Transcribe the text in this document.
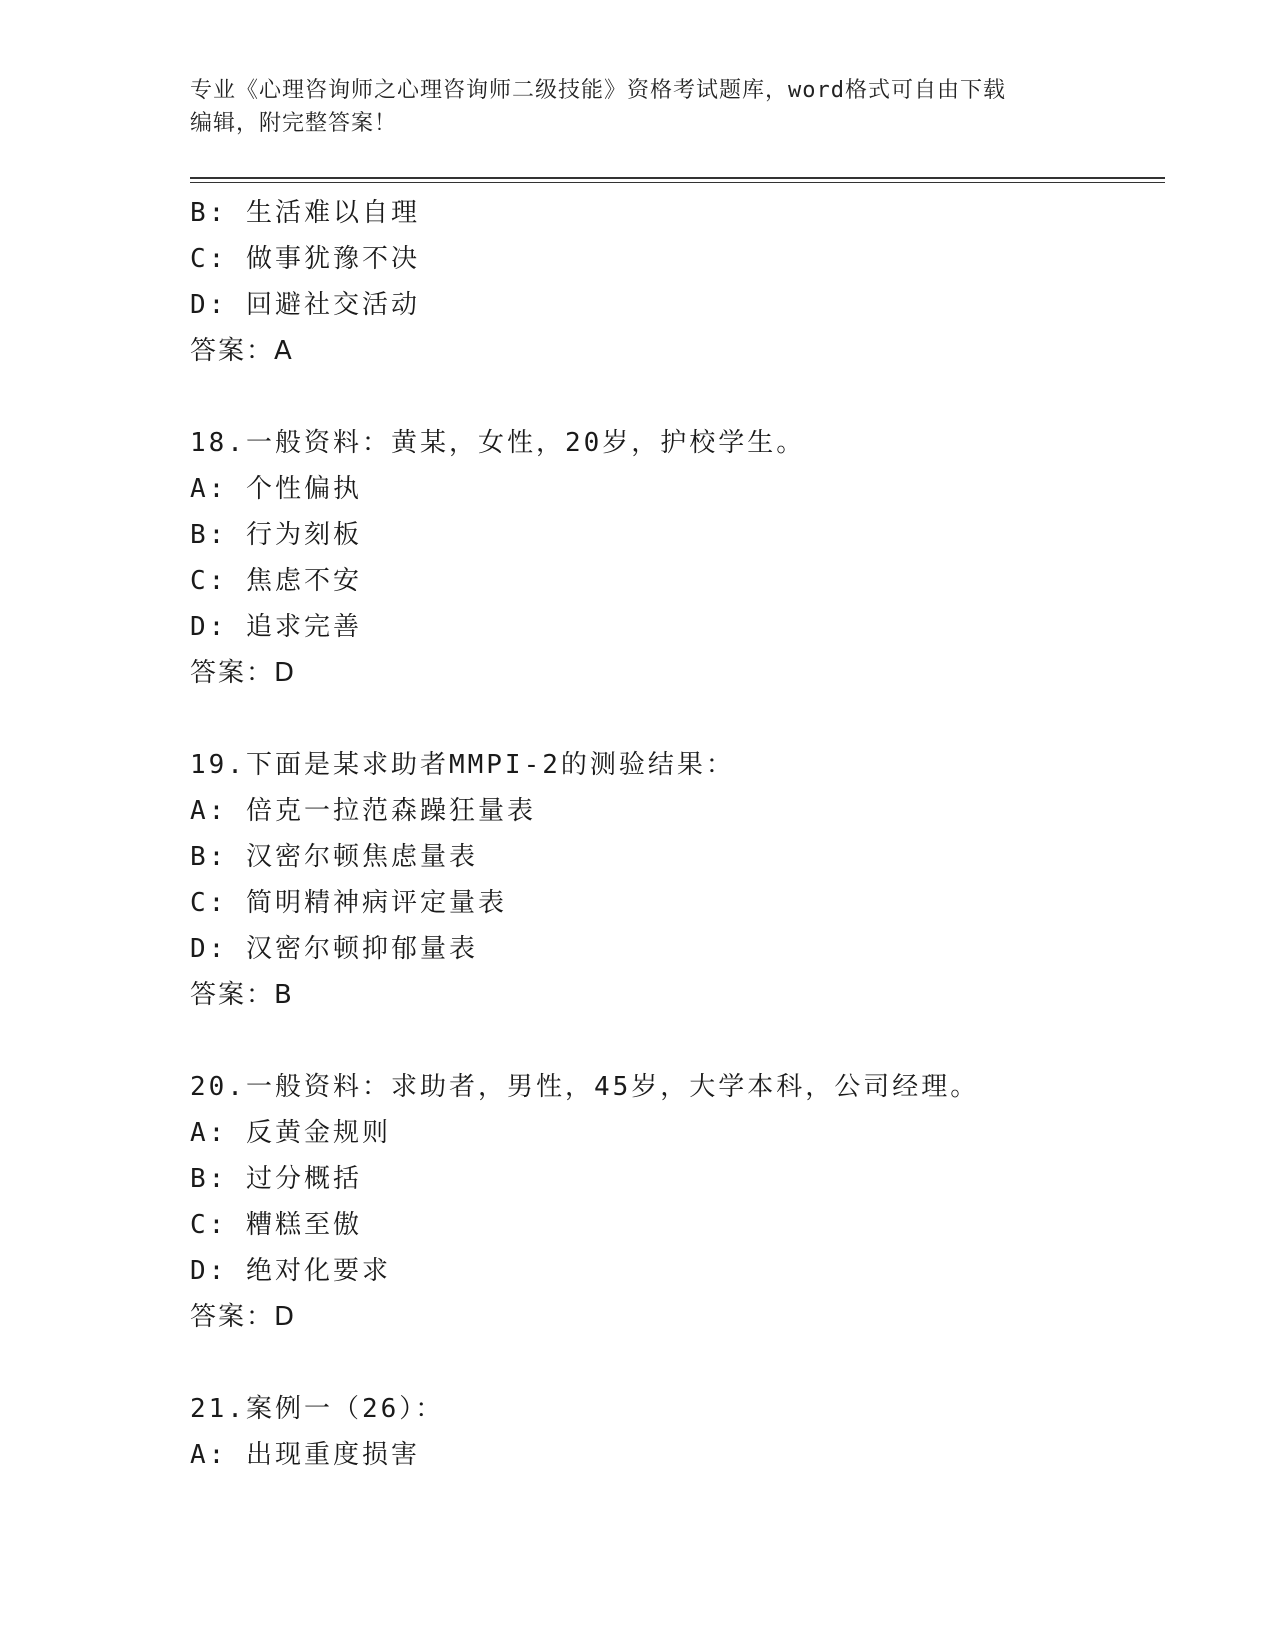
专业《心理咨询师之心理咨询师二级技能》资格考试题库，word格式可自由下载
编辑，附完整答案！
B: 生活难以自理
C: 做事犹豫不决
D: 回避社交活动
答案：A
18.一般资料：黄某，女性，20岁，护校学生。
A: 个性偏执
B: 行为刻板
C: 焦虑不安
D: 追求完善
答案：D
19.下面是某求助者MMPI-2的测验结果：
A: 倍克一拉范森躁狂量表
B: 汉密尔顿焦虑量表
C: 简明精神病评定量表
D: 汉密尔顿抑郁量表
答案：B
20.一般资料：求助者，男性，45岁，大学本科，公司经理。
A: 反黄金规则
B: 过分概括
C: 糟糕至傲
D: 绝对化要求
答案：D
21.案例一（26）：
A: 出现重度损害
